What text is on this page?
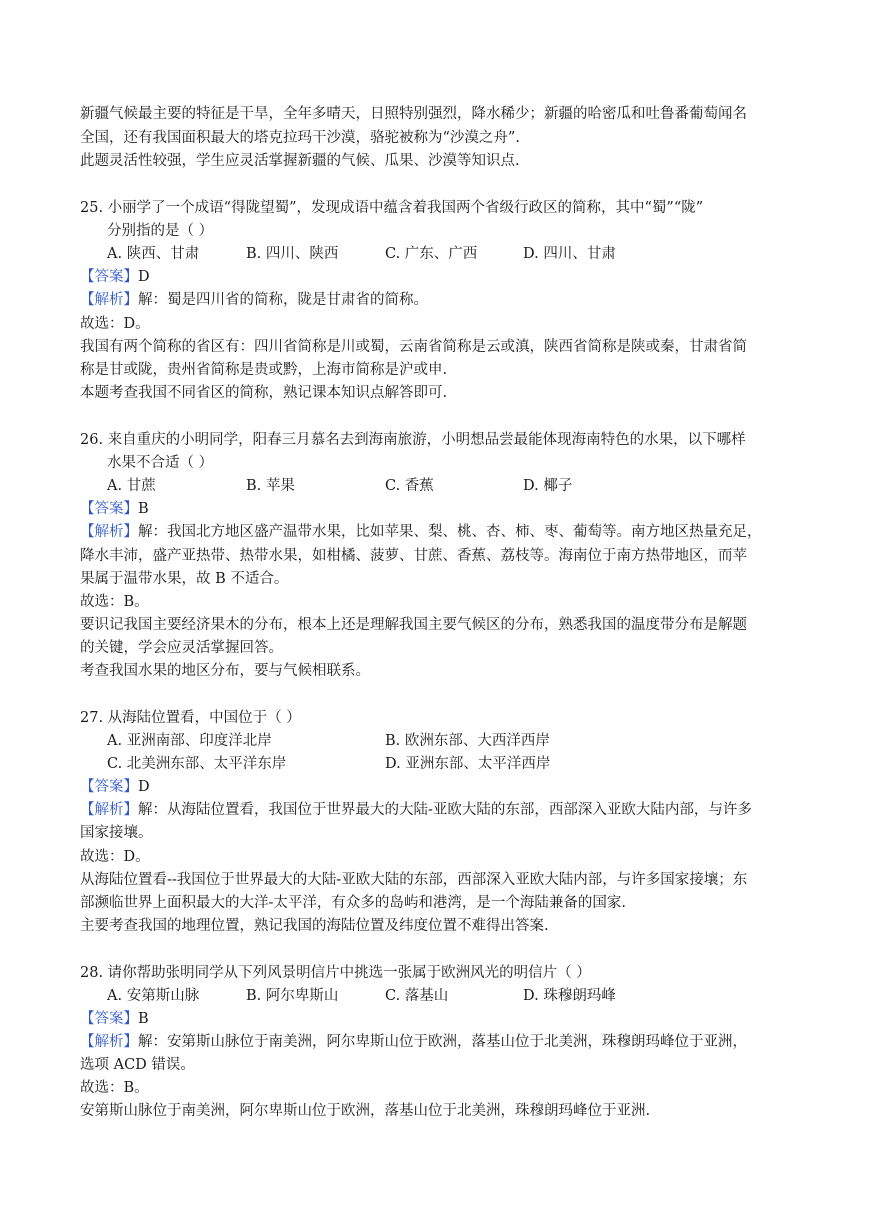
新疆气候最主要的特征是干旱，全年多晴天，日照特别强烈，降水稀少；新疆的哈密瓜和吐鲁番葡萄闻名
全国，还有我国面积最大的塔克拉玛干沙漠，骆驼被称为“沙漠之舟”.
此题灵活性较强，学生应灵活掌握新疆的气候、瓜果、沙漠等知识点.
25. 小丽学了一个成语“得陇望蜀”，发现成语中蕴含着我国两个省级行政区的简称，其中“蜀”“陇”
分别指的是（ ）
A. 陕西、甘肃	B. 四川、陕西	C. 广东、广西	D. 四川、甘肃
【答案】D
【解析】解：蜀是四川省的简称，陇是甘肃省的简称。
故选：D。
我国有两个简称的省区有：四川省简称是川或蜀，云南省简称是云或滇，陕西省简称是陕或秦，甘肃省简
称是甘或陇，贵州省简称是贵或黔，上海市简称是沪或申.
本题考查我国不同省区的简称，熟记课本知识点解答即可.
26. 来自重庆的小明同学，阳春三月慕名去到海南旅游，小明想品尝最能体现海南特色的水果，以下哪样
水果不合适（ ）
A. 甘蔗	B. 苹果	C. 香蕉	D. 椰子
【答案】B
【解析】解：我国北方地区盛产温带水果，比如苹果、梨、桃、杏、柿、枣、葡萄等。南方地区热量充足，
降水丰沛，盛产亚热带、热带水果，如柑橘、菠萝、甘蔗、香蕉、荔枝等。海南位于南方热带地区，而苹
果属于温带水果，故 B 不适合。
故选：B。
要识记我国主要经济果木的分布，根本上还是理解我国主要气候区的分布，熟悉我国的温度带分布是解题
的关键，学会应灵活掌握回答。
考查我国水果的地区分布，要与气候相联系。
27. 从海陆位置看，中国位于（ ）
A. 亚洲南部、印度洋北岸	B. 欧洲东部、大西洋西岸
C. 北美洲东部、太平洋东岸	D. 亚洲东部、太平洋西岸
【答案】D
【解析】解：从海陆位置看，我国位于世界最大的大陆-亚欧大陆的东部，西部深入亚欧大陆内部，与许多
国家接壤。
故选：D。
从海陆位置看--我国位于世界最大的大陆-亚欧大陆的东部，西部深入亚欧大陆内部，与许多国家接壤；东
部濒临世界上面积最大的大洋-太平洋，有众多的岛屿和港湾，是一个海陆兼备的国家.
主要考查我国的地理位置，熟记我国的海陆位置及纬度位置不难得出答案.
28. 请你帮助张明同学从下列风景明信片中挑选一张属于欧洲风光的明信片（ ）
A. 安第斯山脉	B. 阿尔卑斯山	C. 落基山	D. 珠穆朗玛峰
【答案】B
【解析】解：安第斯山脉位于南美洲，阿尔卑斯山位于欧洲，落基山位于北美洲，珠穆朗玛峰位于亚洲，
选项 ACD 错误。
故选：B。
安第斯山脉位于南美洲，阿尔卑斯山位于欧洲，落基山位于北美洲，珠穆朗玛峰位于亚洲.
